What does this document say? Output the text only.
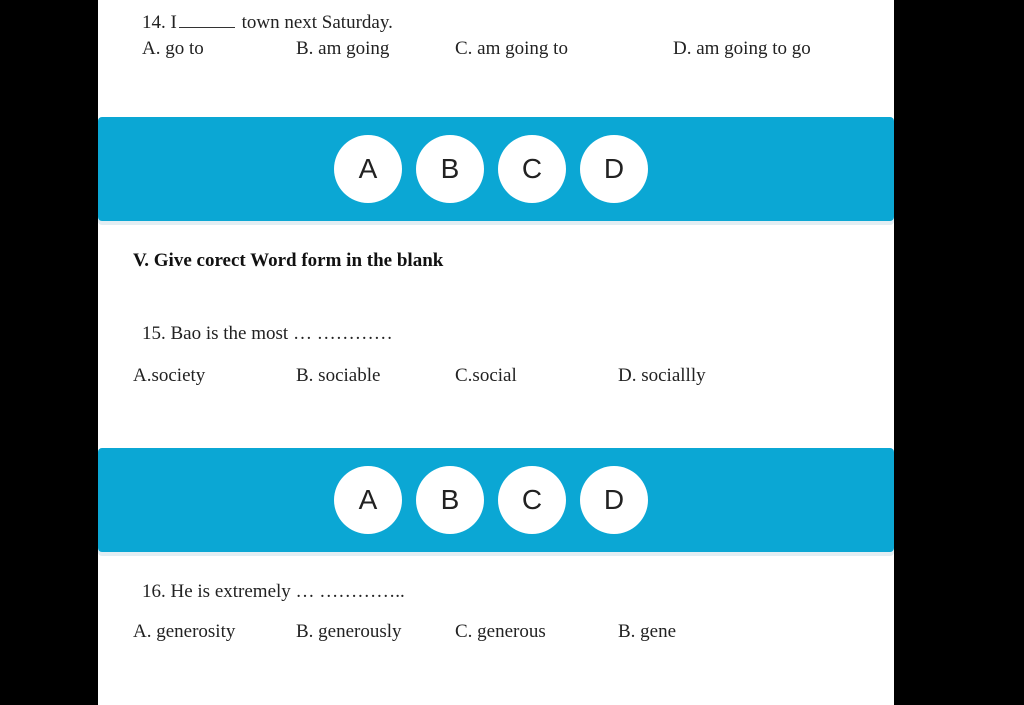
14. I	town next Saturday.
A. go to	B. am going	C. am going to	D. am going to go
A	B	C	D
V. Give corect Word form in the blank
15. Bao is the most … …………
A.society	B. sociable	C.social	D. sociallly
A	B	C	D
16. He is extremely … …………..
A. generosity	B. generously	C. generous	B. gene
